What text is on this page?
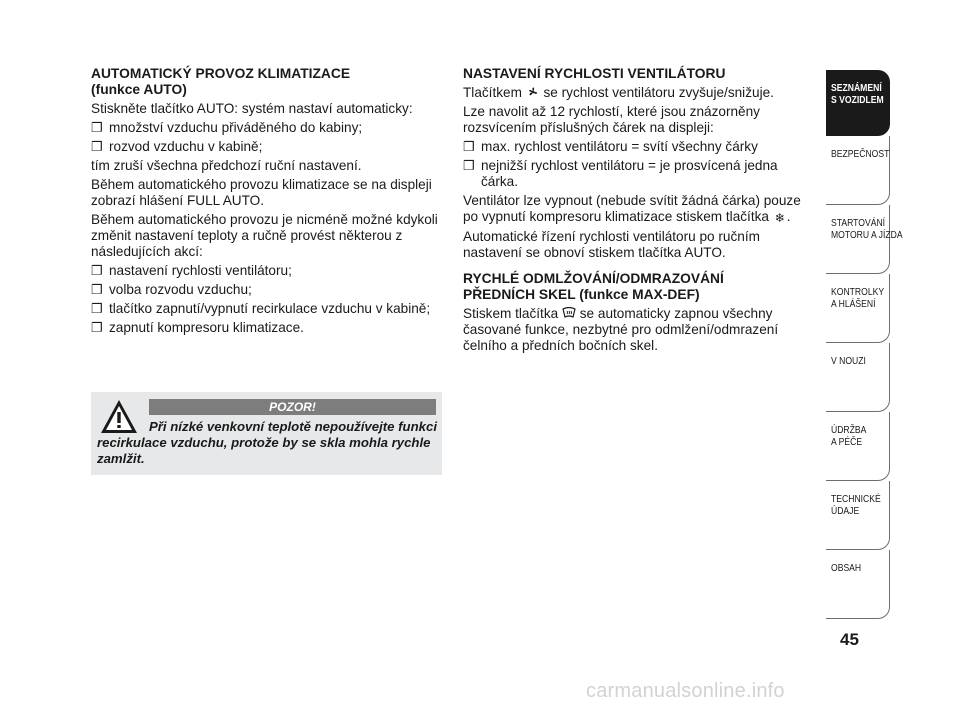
AUTOMATICKÝ PROVOZ KLIMATIZACE
(funkce AUTO)
Stiskněte tlačítko AUTO: systém nastaví automaticky:
❒ množství vzduchu přiváděného do kabiny;
❒ rozvod vzduchu v kabině;
tím zruší všechna předchozí ruční nastavení.
Během automatického provozu klimatizace se na displeji zobrazí hlášení FULL AUTO.
Během automatického provozu je nicméně možné kdykoli změnit nastavení teploty a ručně provést některou z následujících akcí:
❒ nastavení rychlosti ventilátoru;
❒ volba rozvodu vzduchu;
❒ tlačítko zapnutí/vypnutí recirkulace vzduchu v kabině;
❒ zapnutí kompresoru klimatizace.
POZOR!
Při nízké venkovní teplotě nepoužívejte funkci recirkulace vzduchu, protože by se skla mohla rychle zamlžit.
NASTAVENÍ RYCHLOSTI VENTILÁTORU
Tlačítkem se rychlost ventilátoru zvyšuje/snižuje.
Lze navolit až 12 rychlostí, které jsou znázorněny rozsvícením příslušných čárek na displeji:
❒ max. rychlost ventilátoru = svítí všechny čárky
❒ nejnižší rychlost ventilátoru = je prosvícená jedna čárka.
Ventilátor lze vypnout (nebude svítit žádná čárka) pouze po vypnutí kompresoru klimatizace stiskem tlačítka ❄ .
Automatické řízení rychlosti ventilátoru po ručním nastavení se obnoví stiskem tlačítka AUTO.
RYCHLÉ ODMLŽOVÁNÍ/ODMRAZOVÁNÍ
PŘEDNÍCH SKEL (funkce MAX-DEF)
Stiskem tlačítka se automaticky zapnou všechny časované funkce, nezbytné pro odmlžení/odmrazení čelního a předních bočních skel.
SEZNÁMENÍ
S VOZIDLEM
BEZPEČNOST
STARTOVÁNÍ
MOTORU A JÍZDA
KONTROLKY
A HLÁŠENÍ
V NOUZI
ÚDRŽBA
A PÉČE
TECHNICKÉ
ÚDAJE
OBSAH
45
carmanualsonline.info
